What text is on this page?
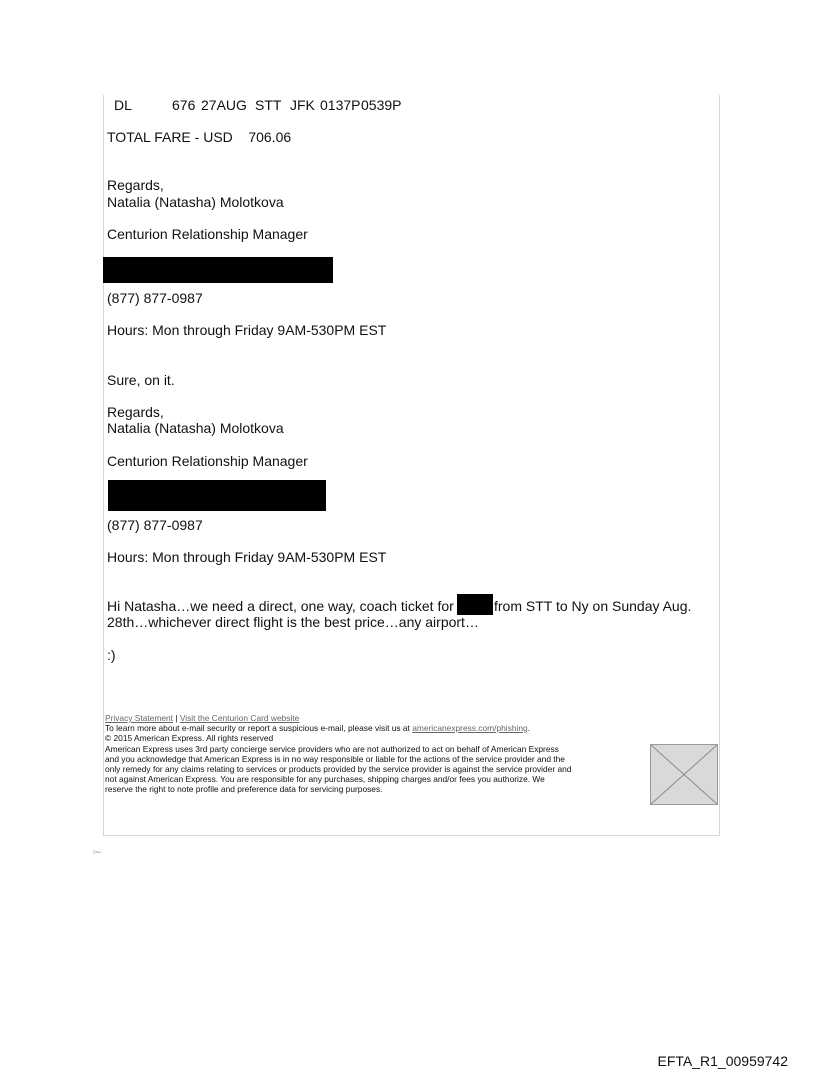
DL	676 27AUG STT JFK 0137P 0539P
TOTAL FARE - USD    706.06
Regards,
Natalia (Natasha) Molotkova
Centurion Relationship Manager
(877) 877-0987
Hours: Mon through Friday 9AM-530PM EST
Sure, on it.
Regards,
Natalia (Natasha) Molotkova
Centurion Relationship Manager
(877) 877-0987
Hours: Mon through Friday 9AM-530PM EST
Hi Natasha…we need a direct, one way, coach ticket for	from STT to Ny on Sunday Aug.
28th…whichever direct flight is the best price…any airport…
:)
Privacy Statement | Visit the Centurion Card website
To learn more about e-mail security or report a suspicious e-mail, please visit us at americanexpress.com/phishing.
© 2015 American Express. All rights reserved
American Express uses 3rd party concierge service providers who are not authorized to act on behalf of American Express
and you acknowledge that American Express is in no way responsible or liable for the actions of the service provider and the
only remedy for any claims relating to services or products provided by the service provider is against the service provider and
not against American Express. You are responsible for any purchases, shipping charges and/or fees you authorize. We
reserve the right to note profile and preference data for servicing purposes.
⁝⁓
EFTA_R1_00959742
